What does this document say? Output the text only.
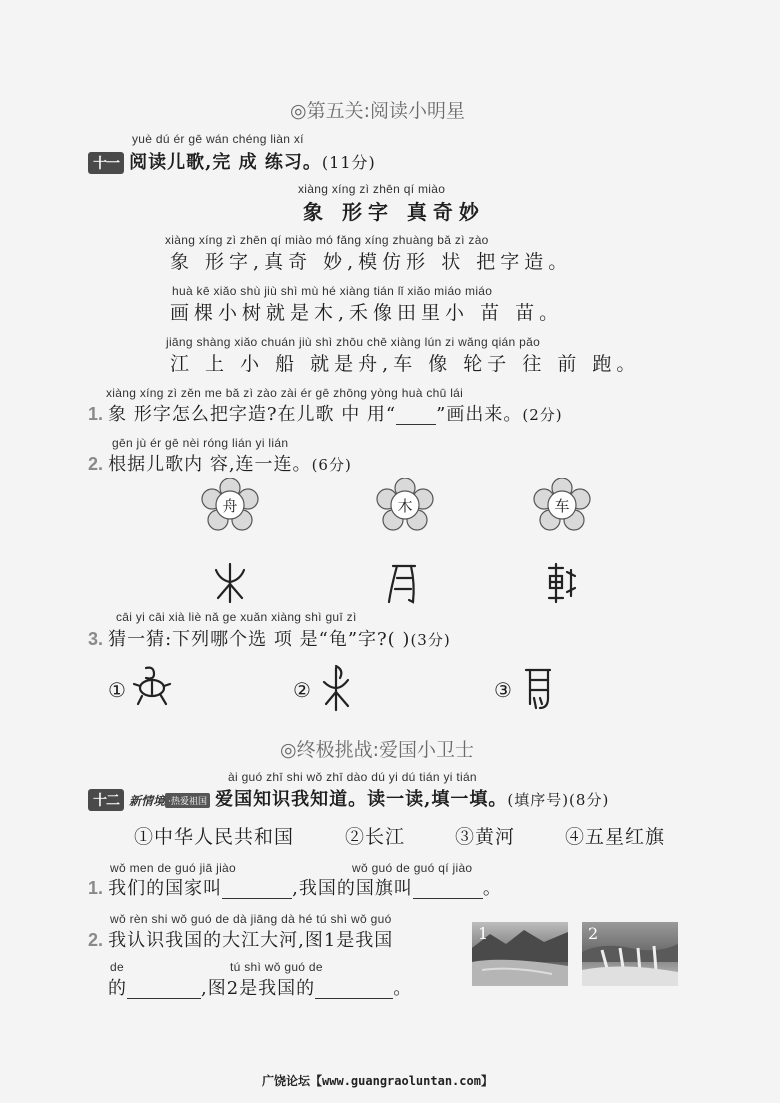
◎第五关:阅读小明星
yuè dú ér gē wán chéng liàn xí
十一 阅读儿歌,完 成 练习。(11分)
xiàng xíng zì zhēn qí miào
象 形字 真奇妙
xiàng xíng zì zhēn qí miào mó fǎng xíng zhuàng bǎ zì zào
象 形字,真奇 妙,模仿形 状 把字造。
huà kē xiǎo shù jiù shì mù hé xiàng tián lǐ xiǎo miáo miáo
画棵小树就是木,禾像田里小 苗 苗。
jiāng shàng xiǎo chuán jiù shì zhōu chē xiàng lún zi wǎng qián pǎo
江 上 小 船 就是舟,车 像 轮子 往 前 跑。
xiàng xíng zì zěn me bǎ zì zào zài ér gē zhōng yòng huà chū lái
1. 象 形字怎么把字造?在儿歌 中 用“ ”画出来。(2分)
gēn jù ér gē nèi róng lián yi lián
2. 根据儿歌内 容,连一连。(6分)
舟	木	车
cāi yi cāi xià liè nǎ ge xuǎn xiàng shì guī zì
3. 猜一猜:下列哪个选 项 是“龟”字?( )(3分)
①	②	③
◎终极挑战:爱国小卫士
ài guó zhī shi wǒ zhī dào dú yi dú tián yi tián
十二 新情境 ·热爱祖国 爱国知识我知道。读一读,填一填。(填序号)(8分)
①中华人民共和国	②长江	③黄河	④五星红旗
wǒ men de guó jiā jiào	wǒ guó de guó qí jiào
1. 我们的国家叫	,我国的国旗叫	。
wǒ rèn shi wǒ guó de dà jiāng dà hé tú shì wǒ guó
2. 我认识我国的大江大河,图1是我国
de	tú shì wǒ guó de
的	,图2是我国的	。
1	2
广饶论坛【www.guangraoluntan.com】
